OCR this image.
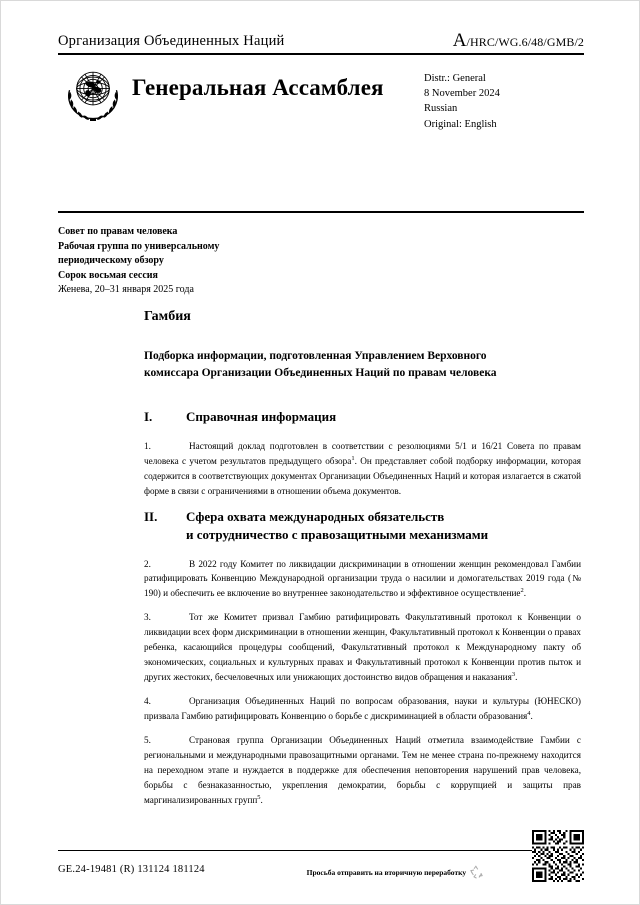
Организация Объединенных Наций	A/HRC/WG.6/48/GMB/2
Генеральная Ассамблея	Distr.: General
8 November 2024
Russian
Original: English
Совет по правам человека
Рабочая группа по универсальному
периодическому обзору
Сорок восьмая сессия
Женева, 20–31 января 2025 года
Гамбия
Подборка информации, подготовленная Управлением Верховного комиссара Организации Объединенных Наций по правам человека
I.	Справочная информация

1.	Настоящий доклад подготовлен в соответствии с резолюциями 5/1 и 16/21 Совета по правам человека с учетом результатов предыдущего обзора$^1$. Он представляет собой подборку информации, которая содержится в соответствующих документах Организации Объединенных Наций и которая излагается в сжатой форме в связи с ограничениями в отношении объема документов.

II.	Сфера охвата международных обязательств
и сотрудничество с правозащитными механизмами

2.	В 2022 году Комитет по ликвидации дискриминации в отношении женщин рекомендовал Гамбии ратифицировать Конвенцию Международной организации труда о насилии и домогательствах 2019 года (№ 190) и обеспечить ее включение во внутреннее законодательство и эффективное осуществление$^2$.

3.	Тот же Комитет призвал Гамбию ратифицировать Факультативный протокол к Конвенции о ликвидации всех форм дискриминации в отношении женщин, Факультативный протокол к Конвенции о правах ребенка, касающийся процедуры сообщений, Факультативный протокол к Международному пакту об экономических, социальных и культурных правах и Факультативный протокол к Конвенции против пыток и других жестоких, бесчеловечных или унижающих достоинство видов обращения и наказания$^3$.

4.	Организация Объединенных Наций по вопросам образования, науки и культуры (ЮНЕСКО) призвала Гамбию ратифицировать Конвенцию о борьбе с дискриминацией в области образования$^4$.

5.	Страновая группа Организации Объединенных Наций отметила взаимодействие Гамбии с региональными и международными правозащитными органами. Тем не менее страна по-прежнему находится на переходном этапе и нуждается в поддержке для обеспечения неповторения нарушений прав человека, борьбы с безнаказанностью, укрепления демократии, борьбы с коррупцией и защиты прав маргинализированных групп$^5$.

GE.24-19481 (R) 131124 181124	Просьба отправить на вторичную переработку
